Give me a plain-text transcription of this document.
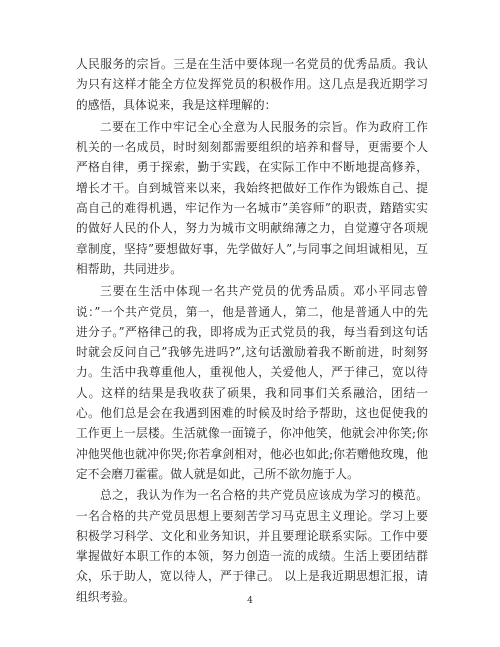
人民服务的宗旨。三是在生活中要体现一名党员的优秀品质。我认为只有这样才能全方位发挥党员的积极作用。这几点是我近期学习的感悟，具体说来，我是这样理解的：

二要在工作中牢记全心全意为人民服务的宗旨。作为政府工作机关的一名成员，时时刻刻都需要组织的培养和督导，更需要个人严格自律，勇于探索，勤于实践，在实际工作中不断地提高修养，增长才干。自到城管来以来，我始终把做好工作作为锻炼自己、提高自己的难得机遇，牢记作为一名城市”美容师”的职责，踏踏实实的做好人民的仆人，努力为城市文明献绵薄之力，自觉遵守各项规章制度，坚持”要想做好事，先学做好人”,与同事之间坦诚相见，互相帮助，共同进步。

三要在生活中体现一名共产党员的优秀品质。邓小平同志曾说：”一个共产党员，第一，他是普通人，第二，他是普通人中的先进分子。”严格律己的我，即将成为正式党员的我，每当看到这句话时就会反问自己”我够先进吗?”,这句话激励着我不断前进，时刻努力。生活中我尊重他人，重视他人，关爱他人，严于律己，宽以待人。这样的结果是我收获了硕果，我和同事们关系融洽，团结一心。他们总是会在我遇到困难的时候及时给予帮助，这也促使我的工作更上一层楼。生活就像一面镜子，你冲他笑，他就会冲你笑;你冲他哭他也就冲你哭;你若拿剑相对，他必也如此;你若赠他玫瑰，他定不会磨刀霍霍。做人就是如此，己所不欲勿施于人。

总之，我认为作为一名合格的共产党员应该成为学习的模范。一名合格的共产党员思想上要刻苦学习马克思主义理论。学习上要积极学习科学、文化和业务知识，并且要理论联系实际。工作中要掌握做好本职工作的本领，努力创造一流的成绩。生活上要团结群众，乐于助人，宽以待人，严于律己。 以上是我近期思想汇报，请组织考验。	4
